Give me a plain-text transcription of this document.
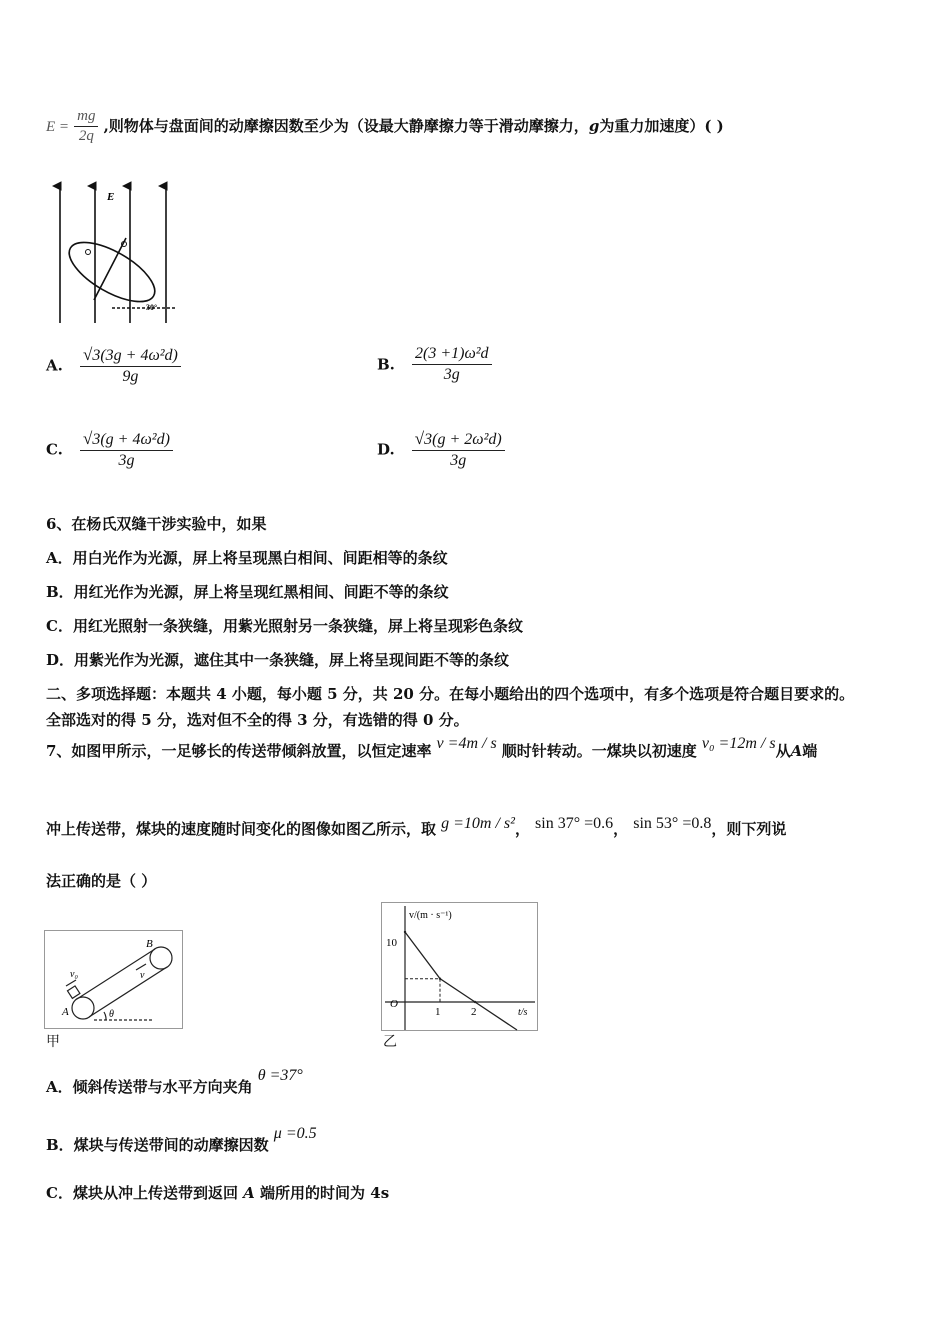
$E = \frac{mg}{2q}$ ,则物体与盘面间的动摩擦因数至少为（设最大静摩擦力等于滑动摩擦力，g为重力加速度）( )
E
30°
A. $\frac{\text{√3(3g + 4ω²d)}}{9g}$	B. $\frac{\text{2(3 +1)ω²d}}{3g}$
C. $\frac{\text{√3(g + 4ω²d)}}{3g}$	D. $\frac{\text{√3(g + 2ω²d)}}{3g}$
6、在杨氏双缝干涉实验中，如果
A．用白光作为光源，屏上将呈现黑白相间、间距相等的条纹
B．用红光作为光源，屏上将呈现红黑相间、间距不等的条纹
C．用红光照射一条狭缝，用紫光照射另一条狭缝，屏上将呈现彩色条纹
D．用紫光作为光源，遮住其中一条狭缝，屏上将呈现间距不等的条纹
二、多项选择题：本题共 4 小题，每小题 5 分，共 20 分。在每小题给出的四个选项中，有多个选项是符合题目要求的。
全部选对的得 5 分，选对但不全的得 3 分，有选错的得 0 分。
7、如图甲所示，一足够长的传送带倾斜放置，以恒定速率 v =4m / s 顺时针转动。一煤块以初速度 v₀ =12m / s从A端
冲上传送带，煤块的速度随时间变化的图像如图乙所示，取 g =10m / s²， sin 37° =0.6， sin 53° =0.8，则下列说
法正确的是（ ）
B
A
v₀	v
θ
甲
v/(m · s⁻¹)
t/s
O
10
1	2
乙
A．倾斜传送带与水平方向夹角 θ =37°
B．煤块与传送带间的动摩擦因数 μ =0.5
C．煤块从冲上传送带到返回 A 端所用的时间为 4s
